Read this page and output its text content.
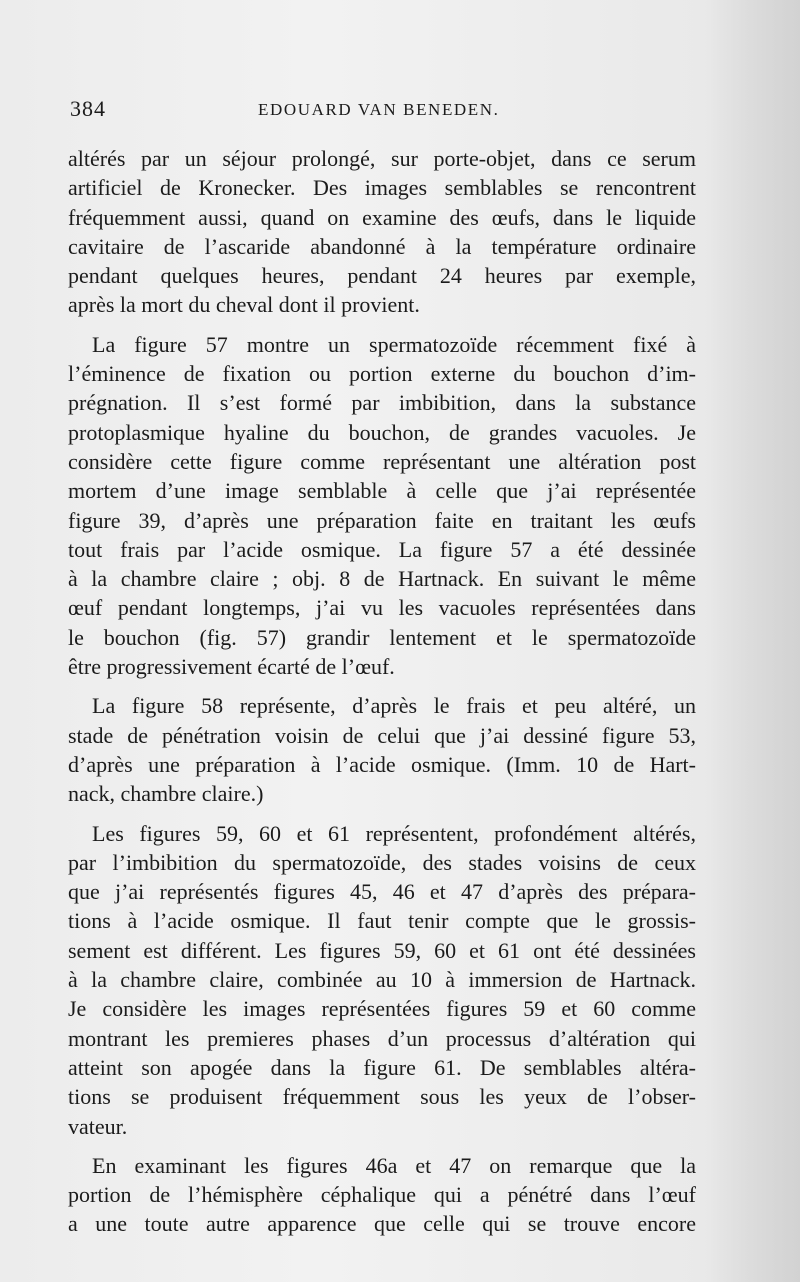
384	EDOUARD VAN BENEDEN.
altérés par un séjour prolongé, sur porte-objet, dans ce serum
artificiel de Kronecker. Des images semblables se rencontrent
fréquemment aussi, quand on examine des œufs, dans le liquide
cavitaire de l’ascaride abandonné à la température ordinaire
pendant quelques heures, pendant 24 heures par exemple,
après la mort du cheval dont il provient.
La figure 57 montre un spermatozoïde récemment fixé à
l’éminence de fixation ou portion externe du bouchon d’im-
prégnation. Il s’est formé par imbibition, dans la substance
protoplasmique hyaline du bouchon, de grandes vacuoles. Je
considère cette figure comme représentant une altération post
mortem d’une image semblable à celle que j’ai représentée
figure 39, d’après une préparation faite en traitant les œufs
tout frais par l’acide osmique. La figure 57 a été dessinée
à la chambre claire ; obj. 8 de Hartnack. En suivant le même
œuf pendant longtemps, j’ai vu les vacuoles représentées dans
le bouchon (fig. 57) grandir lentement et le spermatozoïde
être progressivement écarté de l’œuf.
La figure 58 représente, d’après le frais et peu altéré, un
stade de pénétration voisin de celui que j’ai dessiné figure 53,
d’après une préparation à l’acide osmique. (Imm. 10 de Hart-
nack, chambre claire.)
Les figures 59, 60 et 61 représentent, profondément altérés,
par l’imbibition du spermatozoïde, des stades voisins de ceux
que j’ai représentés figures 45, 46 et 47 d’après des prépara-
tions à l’acide osmique. Il faut tenir compte que le grossis-
sement est différent. Les figures 59, 60 et 61 ont été dessinées
à la chambre claire, combinée au 10 à immersion de Hartnack.
Je considère les images représentées figures 59 et 60 comme
montrant les premieres phases d’un processus d’altération qui
atteint son apogée dans la figure 61. De semblables altéra-
tions se produisent fréquemment sous les yeux de l’obser-
vateur.
En examinant les figures 46a et 47 on remarque que la
portion de l’hémisphère céphalique qui a pénétré dans l’œuf
a une toute autre apparence que celle qui se trouve encore
